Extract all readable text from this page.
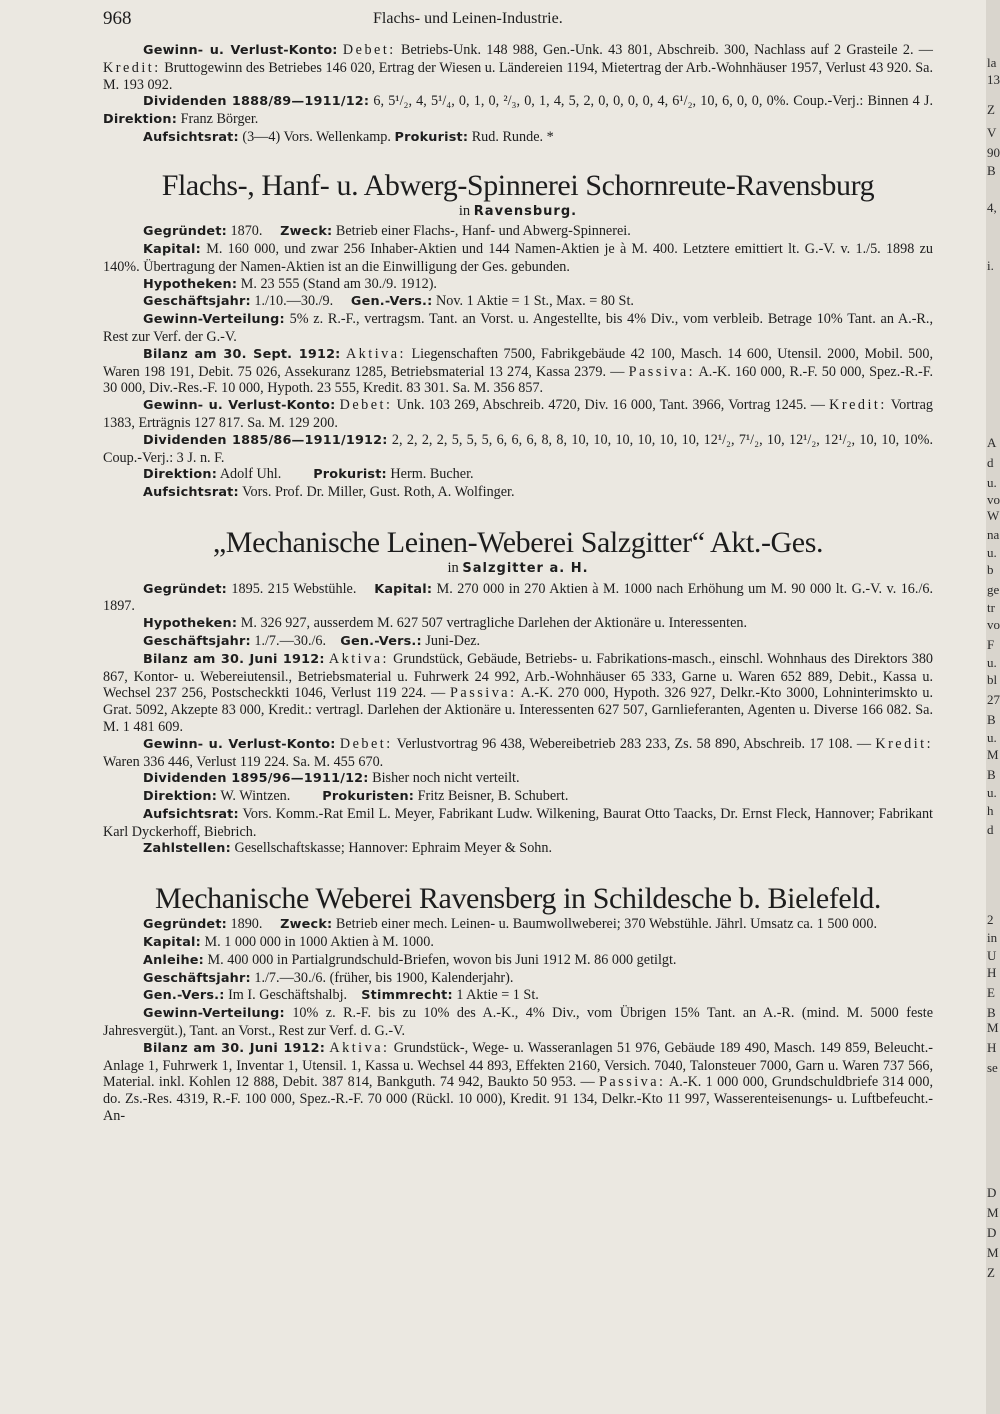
968	Flachs- und Leinen-Industrie.

Gewinn- u. Verlust-Konto: Debet: Betriebs-Unk. 148 988, Gen.-Unk. 43 801, Abschreib. 300, Nachlass auf 2 Grasteile 2. — Kredit: Bruttogewinn des Betriebes 146 020, Ertrag der Wiesen u. Ländereien 1194, Mietertrag der Arb.-Wohnhäuser 1957, Verlust 43 920. Sa. M. 193 092.

Dividenden 1888/89—1911/12: 6, 5¹/₂, 4, 5¹/₄, 0, 1, 0, ²/₃, 0, 1, 4, 5, 2, 0, 0, 0, 0, 4, 6¹/₂, 10, 6, 0, 0, 0%. Coup.-Verj.: Binnen 4 J. Direktion: Franz Börger.

Aufsichtsrat: (3—4) Vors. Wellenkamp. Prokurist: Rud. Runde. *

Flachs-, Hanf- u. Abwerg-Spinnerei Schornreute-Ravensburg
in Ravensburg.

Gegründet: 1870. Zweck: Betrieb einer Flachs-, Hanf- und Abwerg-Spinnerei.

Kapital: M. 160 000, und zwar 256 Inhaber-Aktien und 144 Namen-Aktien je à M. 400. Letztere emittiert lt. G.-V. v. 1./5. 1898 zu 140%. Übertragung der Namen-Aktien ist an die Einwilligung der Ges. gebunden.

Hypotheken: M. 23 555 (Stand am 30./9. 1912).

Geschäftsjahr: 1./10.—30./9. Gen.-Vers.: Nov. 1 Aktie = 1 St., Max. = 80 St.

Gewinn-Verteilung: 5% z. R.-F., vertragsm. Tant. an Vorst. u. Angestellte, bis 4% Div., vom verbleib. Betrage 10% Tant. an A.-R., Rest zur Verf. der G.-V.

Bilanz am 30. Sept. 1912: Aktiva: Liegenschaften 7500, Fabrikgebäude 42 100, Masch. 14 600, Utensil. 2000, Mobil. 500, Waren 198 191, Debit. 75 026, Assekuranz 1285, Betriebsmaterial 13 274, Kassa 2379. — Passiva: A.-K. 160 000, R.-F. 50 000, Spez.-R.-F. 30 000, Div.-Res.-F. 10 000, Hypoth. 23 555, Kredit. 83 301. Sa. M. 356 857.

Gewinn- u. Verlust-Konto: Debet: Unk. 103 269, Abschreib. 4720, Div. 16 000, Tant. 3966, Vortrag 1245. — Kredit: Vortrag 1383, Erträgnis 127 817. Sa. M. 129 200.

Dividenden 1885/86—1911/1912: 2, 2, 2, 2, 5, 5, 5, 6, 6, 6, 8, 8, 10, 10, 10, 10, 10, 10, 12¹/₂, 7¹/₂, 10, 12¹/₂, 12¹/₂, 10, 10, 10%. Coup.-Verj.: 3 J. n. F.

Direktion: Adolf Uhl. Prokurist: Herm. Bucher.

Aufsichtsrat: Vors. Prof. Dr. Miller, Gust. Roth, A. Wolfinger.

„Mechanische Leinen-Weberei Salzgitter“ Akt.-Ges.
in Salzgitter a. H.

Gegründet: 1895. 215 Webstühle. Kapital: M. 270 000 in 270 Aktien à M. 1000 nach Erhöhung um M. 90 000 lt. G.-V. v. 16./6. 1897.

Hypotheken: M. 326 927, ausserdem M. 627 507 vertragliche Darlehen der Aktionäre u. Interessenten.

Geschäftsjahr: 1./7.—30./6. Gen.-Vers.: Juni-Dez.

Bilanz am 30. Juni 1912: Aktiva: Grundstück, Gebäude, Betriebs- u. Fabrikations-masch., einschl. Wohnhaus des Direktors 380 867, Kontor- u. Webereiutensil., Betriebsmaterial u. Fuhrwerk 24 992, Arb.-Wohnhäuser 65 333, Garne u. Waren 652 889, Debit., Kassa u. Wechsel 237 256, Postscheckkti 1046, Verlust 119 224. — Passiva: A.-K. 270 000, Hypoth. 326 927, Delkr.-Kto 3000, Lohninterimskto u. Grat. 5092, Akzepte 83 000, Kredit.: vertragl. Darlehen der Aktionäre u. Interessenten 627 507, Garnlieferanten, Agenten u. Diverse 166 082. Sa. M. 1 481 609.

Gewinn- u. Verlust-Konto: Debet: Verlustvortrag 96 438, Webereibetrieb 283 233, Zs. 58 890, Abschreib. 17 108. — Kredit: Waren 336 446, Verlust 119 224. Sa. M. 455 670.

Dividenden 1895/96—1911/12: Bisher noch nicht verteilt.

Direktion: W. Wintzen. Prokuristen: Fritz Beisner, B. Schubert.

Aufsichtsrat: Vors. Komm.-Rat Emil L. Meyer, Fabrikant Ludw. Wilkening, Baurat Otto Taacks, Dr. Ernst Fleck, Hannover; Fabrikant Karl Dyckerhoff, Biebrich.

Zahlstellen: Gesellschaftskasse; Hannover: Ephraim Meyer & Sohn.

Mechanische Weberei Ravensberg in Schildesche b. Bielefeld.

Gegründet: 1890. Zweck: Betrieb einer mech. Leinen- u. Baumwollweberei; 370 Webstühle. Jährl. Umsatz ca. 1 500 000.

Kapital: M. 1 000 000 in 1000 Aktien à M. 1000.

Anleihe: M. 400 000 in Partialgrundschuld-Briefen, wovon bis Juni 1912 M. 86 000 getilgt.

Geschäftsjahr: 1./7.—30./6. (früher, bis 1900, Kalenderjahr).

Gen.-Vers.: Im I. Geschäftshalbj. Stimmrecht: 1 Aktie = 1 St.

Gewinn-Verteilung: 10% z. R.-F. bis zu 10% des A.-K., 4% Div., vom Übrigen 15% Tant. an A.-R. (mind. M. 5000 feste Jahresvergüt.), Tant. an Vorst., Rest zur Verf. d. G.-V.

Bilanz am 30. Juni 1912: Aktiva: Grundstück-, Wege- u. Wasseranlagen 51 976, Gebäude 189 490, Masch. 149 859, Beleucht.-Anlage 1, Fuhrwerk 1, Inventar 1, Utensil. 1, Kassa u. Wechsel 44 893, Effekten 2160, Versich. 7040, Talonsteuer 7000, Garn u. Waren 737 566, Material. inkl. Kohlen 12 888, Debit. 387 814, Bankguth. 74 942, Baukto 50 953. — Passiva: A.-K. 1 000 000, Grundschuldbriefe 314 000, do. Zs.-Res. 4319, R.-F. 100 000, Spez.-R.-F. 70 000 (Rückl. 10 000), Kredit. 91 134, Delkr.-Kto 11 997, Wasserenteisenungs- u. Luftbefeucht.-An-

la
13
Z
V
90
B
4,
i.
A
d
u.
vo
W
na
u.
b
ge
tr
vo
F
u.
bl
27
B
u.
M
B
u.
h
d
2
in
U
H
E
B
M
H
se
D
M
D
M
Z
